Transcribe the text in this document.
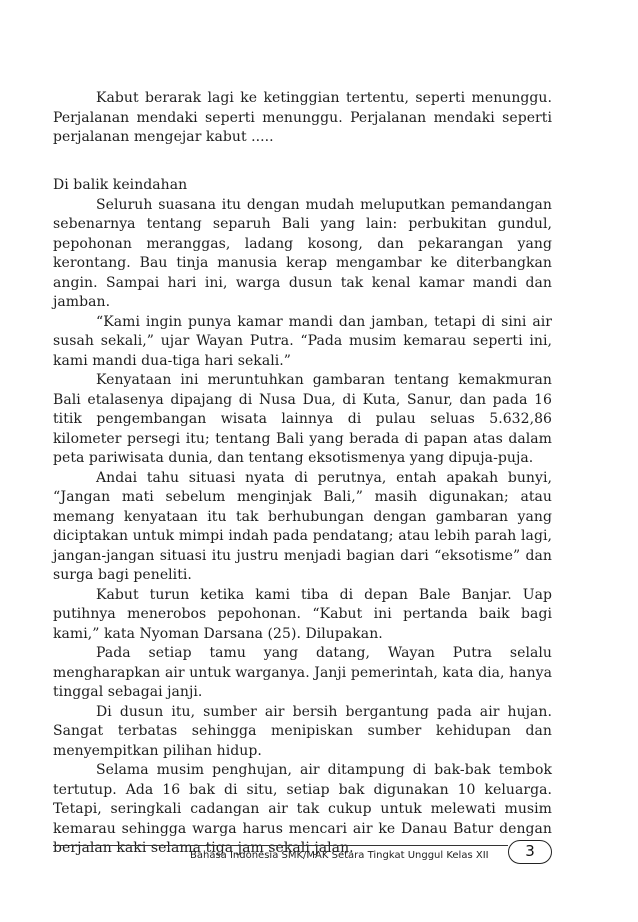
Kabut berarak lagi ke ketinggian tertentu, seperti menunggu. Perjalanan mendaki seperti menunggu. Perjalanan mendaki seperti perjalanan mengejar kabut .....

Di balik keindahan

Seluruh suasana itu dengan mudah meluputkan pemandangan sebenarnya tentang separuh Bali yang lain: perbukitan gundul, pepohonan meranggas, ladang kosong, dan pekarangan yang kerontang. Bau tinja manusia kerap mengambar ke diterbangkan angin. Sampai hari ini, warga dusun tak kenal kamar mandi dan jamban.

“Kami ingin punya kamar mandi dan jamban, tetapi di sini air susah sekali,” ujar Wayan Putra. “Pada musim kemarau seperti ini, kami mandi dua-tiga hari sekali.”

Kenyataan ini meruntuhkan gambaran tentang kemakmuran Bali etalasenya dipajang di Nusa Dua, di Kuta, Sanur, dan pada 16 titik pengembangan wisata lainnya di pulau seluas 5.632,86 kilometer persegi itu; tentang Bali yang berada di papan atas dalam peta pariwisata dunia, dan tentang eksotismenya yang dipuja-puja.

Andai tahu situasi nyata di perutnya, entah apakah bunyi, “Jangan mati sebelum menginjak Bali,” masih digunakan; atau memang kenyataan itu tak berhubungan dengan gambaran yang diciptakan untuk mimpi indah pada pendatang; atau lebih parah lagi, jangan-jangan situasi itu justru menjadi bagian dari “eksotisme” dan surga bagi peneliti.

Kabut turun ketika kami tiba di depan Bale Banjar. Uap putihnya menerobos pepohonan. “Kabut ini pertanda baik bagi kami,” kata Nyoman Darsana (25). Dilupakan.

Pada setiap tamu yang datang, Wayan Putra selalu mengharapkan air untuk warganya. Janji pemerintah, kata dia, hanya tinggal sebagai janji.

Di dusun itu, sumber air bersih bergantung pada air hujan. Sangat terbatas sehingga menipiskan sumber kehidupan dan menyempitkan pilihan hidup.

Selama musim penghujan, air ditampung di bak-bak tembok tertutup. Ada 16 bak di situ, setiap bak digunakan 10 keluarga. Tetapi, seringkali cadangan air tak cukup untuk melewati musim kemarau sehingga warga harus mencari air ke Danau Batur dengan berjalan kaki selama tiga jam sekali jalan.

Bahasa Indonesia SMK/MAK Setara Tingkat Unggul Kelas XII	3
